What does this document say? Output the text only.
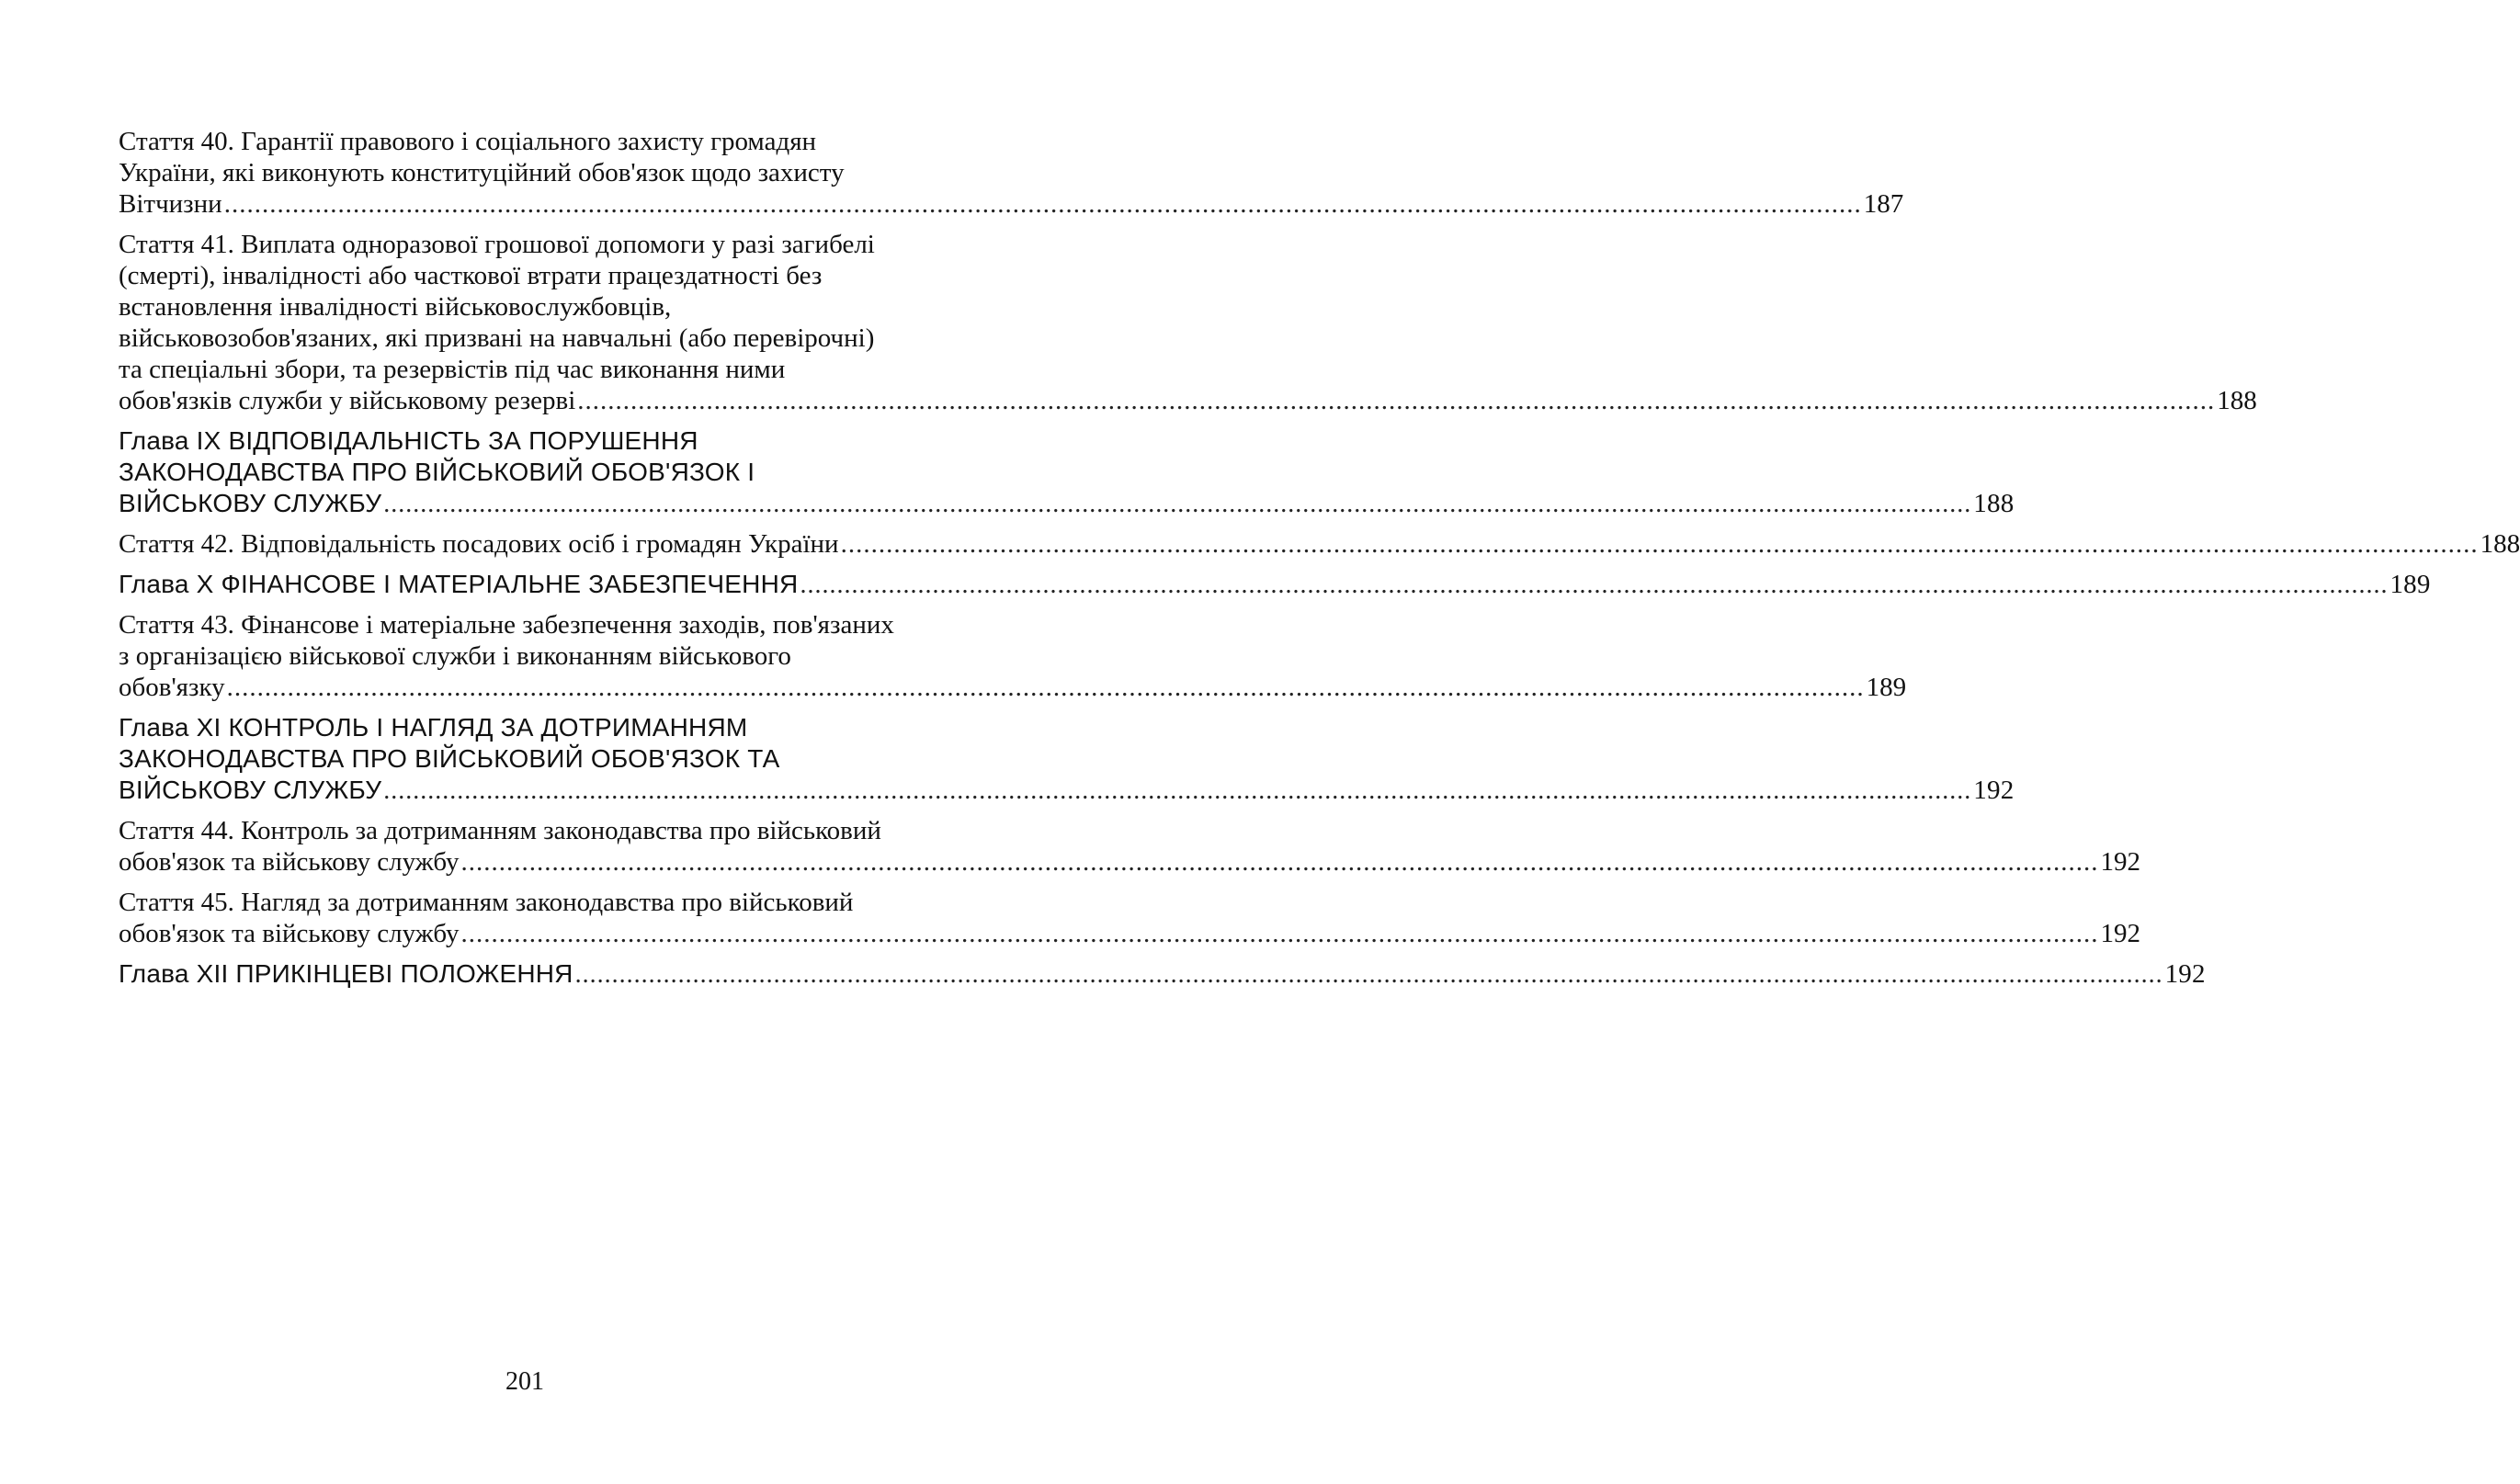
Стаття 40. Гарантії правового і соціального захисту громадян
України, які виконують конституційний обов'язок щодо захисту
Вітчизни .....	187
Стаття 41. Виплата одноразової грошової допомоги у разі загибелі
(смерті), інвалідності або часткової втрати працездатності без
встановлення інвалідності військовослужбовців,
військовозобов'язаних, які призвані на навчальні (або перевірочні)
та спеціальні збори, та резервістів під час виконання ними
обов'язків служби у військовому резерві .....	188
Глава IX ВІДПОВІДАЛЬНІСТЬ ЗА ПОРУШЕННЯ
ЗАКОНОДАВСТВА ПРО ВІЙСЬКОВИЙ ОБОВ'ЯЗОК І
ВІЙСЬКОВУ СЛУЖБУ .....	188
Стаття 42. Відповідальність посадових осіб і громадян України .....	188
Глава X ФІНАНСОВЕ І МАТЕРІАЛЬНЕ ЗАБЕЗПЕЧЕННЯ .....	189
Стаття 43. Фінансове і матеріальне забезпечення заходів, пов'язаних
з організацією військової служби і виконанням військового
обов'язку .....	189
Глава XI КОНТРОЛЬ І НАГЛЯД ЗА ДОТРИМАННЯМ
ЗАКОНОДАВСТВА ПРО ВІЙСЬКОВИЙ ОБОВ'ЯЗОК ТА
ВІЙСЬКОВУ СЛУЖБУ .....	192
Стаття 44. Контроль за дотриманням законодавства про військовий
обов'язок та військову службу .....	192
Стаття 45. Нагляд за дотриманням законодавства про військовий
обов'язок та військову службу .....	192
Глава XII ПРИКІНЦЕВІ ПОЛОЖЕННЯ .....	192
201
